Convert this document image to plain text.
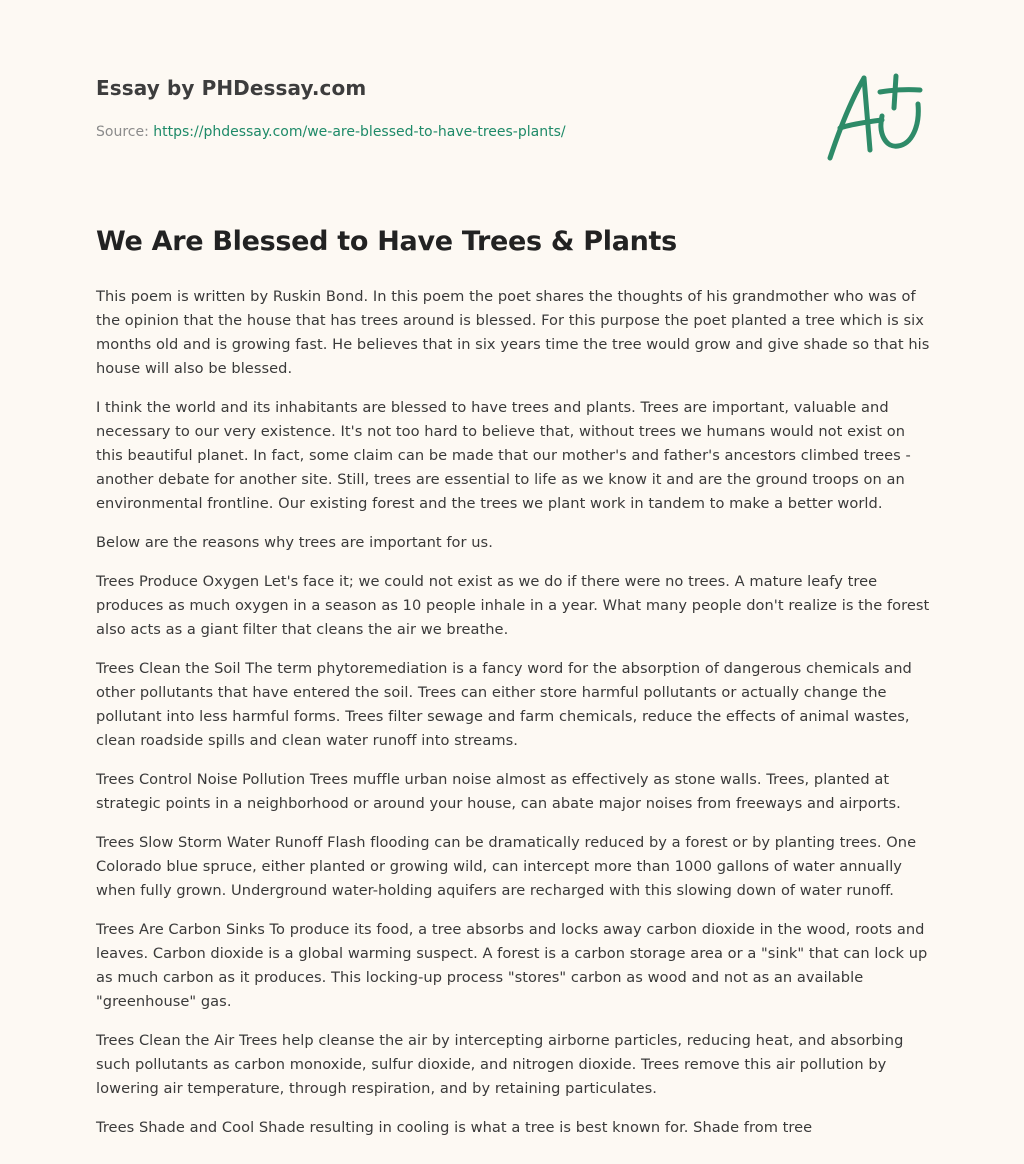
Essay by PHDessay.com
Source: https://phdessay.com/we-are-blessed-to-have-trees-plants/
We Are Blessed to Have Trees & Plants

This poem is written by Ruskin Bond. In this poem the poet shares the thoughts of his grandmother who was of the opinion that the house that has trees around is blessed. For this purpose the poet planted a tree which is six months old and is growing fast. He believes that in six years time the tree would grow and give shade so that his house will also be blessed.

I think the world and its inhabitants are blessed to have trees and plants. Trees are important, valuable and necessary to our very existence. It's not too hard to believe that, without trees we humans would not exist on this beautiful planet. In fact, some claim can be made that our mother's and father's ancestors climbed trees - another debate for another site. Still, trees are essential to life as we know it and are the ground troops on an environmental frontline. Our existing forest and the trees we plant work in tandem to make a better world.

Below are the reasons why trees are important for us.

Trees Produce Oxygen Let's face it; we could not exist as we do if there were no trees. A mature leafy tree produces as much oxygen in a season as 10 people inhale in a year. What many people don't realize is the forest also acts as a giant filter that cleans the air we breathe.

Trees Clean the Soil The term phytoremediation is a fancy word for the absorption of dangerous chemicals and other pollutants that have entered the soil. Trees can either store harmful pollutants or actually change the pollutant into less harmful forms. Trees filter sewage and farm chemicals, reduce the effects of animal wastes, clean roadside spills and clean water runoff into streams.

Trees Control Noise Pollution Trees muffle urban noise almost as effectively as stone walls. Trees, planted at strategic points in a neighborhood or around your house, can abate major noises from freeways and airports.

Trees Slow Storm Water Runoff Flash flooding can be dramatically reduced by a forest or by planting trees. One Colorado blue spruce, either planted or growing wild, can intercept more than 1000 gallons of water annually when fully grown. Underground water-holding aquifers are recharged with this slowing down of water runoff.

Trees Are Carbon Sinks To produce its food, a tree absorbs and locks away carbon dioxide in the wood, roots and leaves. Carbon dioxide is a global warming suspect. A forest is a carbon storage area or a "sink" that can lock up as much carbon as it produces. This locking-up process "stores" carbon as wood and not as an available "greenhouse" gas.

Trees Clean the Air Trees help cleanse the air by intercepting airborne particles, reducing heat, and absorbing such pollutants as carbon monoxide, sulfur dioxide, and nitrogen dioxide. Trees remove this air pollution by lowering air temperature, through respiration, and by retaining particulates.

Trees Shade and Cool Shade resulting in cooling is what a tree is best known for. Shade from tree
